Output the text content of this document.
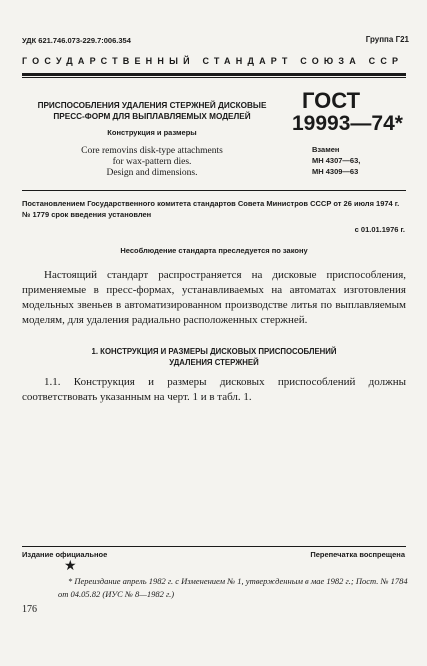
УДК 621.746.073-229.7:006.354	Группа Г21
ГОСУДАРСТВЕННЫЙ СТАНДАРТ СОЮЗА ССР
ПРИСПОСОБЛЕНИЯ УДАЛЕНИЯ СТЕРЖНЕЙ ДИСКОВЫЕ
ПРЕСС-ФОРМ ДЛЯ ВЫПЛАВЛЯЕМЫХ МОДЕЛЕЙ
Конструкция и размеры
Core removins disk-type attachments
for wax-pattern dies.
Design and dimensions.
ГОСТ
19993—74*
Взамен
МН 4307—63,
МН 4309—63
Постановлением Государственного комитета стандартов Совета Министров СССР от 26 июля 1974 г. № 1779 срок введения установлен
с 01.01.1976 г.
Несоблюдение стандарта преследуется по закону
Настоящий стандарт распространяется на дисковые приспособления, применяемые в пресс-формах, устанавливаемых на автоматах изготовления модельных звеньев в автоматизированном производстве литья по выплавляемым моделям, для удаления радиально расположенных стержней.
1. КОНСТРУКЦИЯ И РАЗМЕРЫ ДИСКОВЫХ ПРИСПОСОБЛЕНИЙ
УДАЛЕНИЯ СТЕРЖНЕЙ
1.1. Конструкция и размеры дисковых приспособлений должны соответствовать указанным на черт. 1 и в табл. 1.
Издание официальное	Перепечатка воспрещена
★
* Переиздание апрель 1982 г. с Изменением № 1, утвержденным в мае 1982 г.; Пост. № 1784 от 04.05.82 (ИУС № 8—1982 г.)
176
